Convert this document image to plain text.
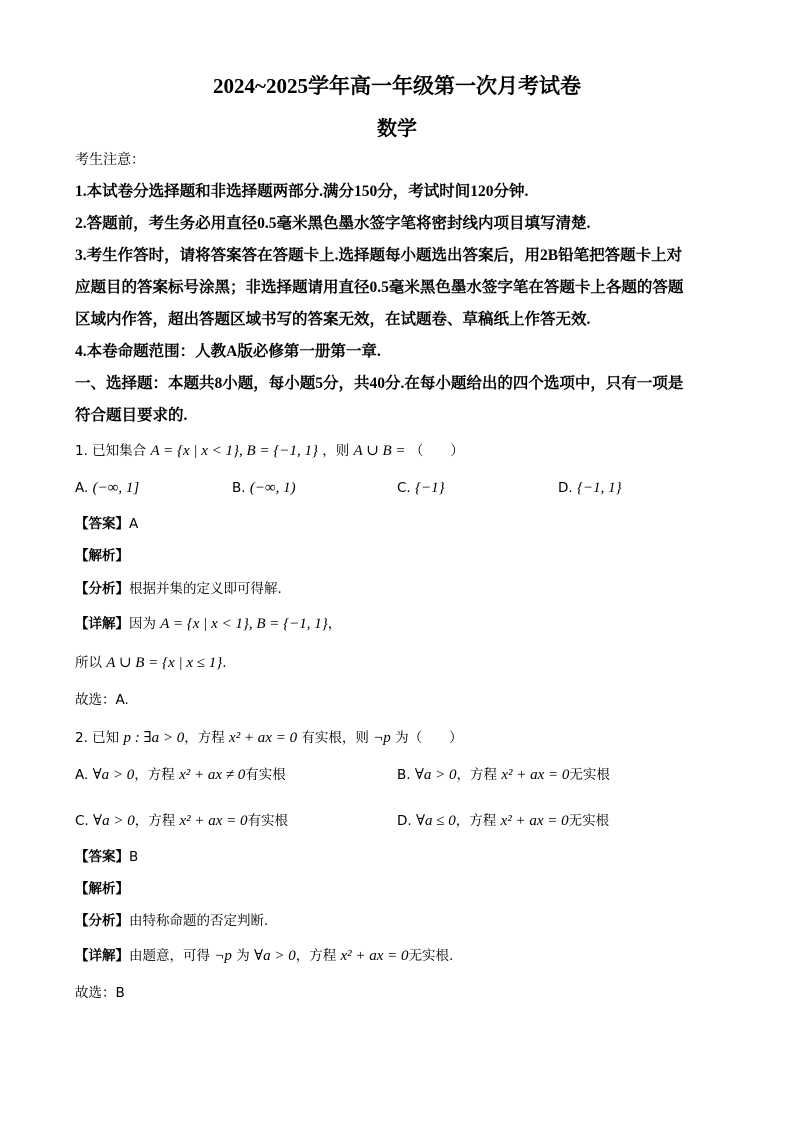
2024~2025学年高一年级第一次月考试卷
数学
考生注意：
1.本试卷分选择题和非选择题两部分.满分150分，考试时间120分钟.
2.答题前，考生务必用直径0.5毫米黑色墨水签字笔将密封线内项目填写清楚.
3.考生作答时，请将答案答在答题卡上.选择题每小题选出答案后，用2B铅笔把答题卡上对
应题目的答案标号涂黑；非选择题请用直径0.5毫米黑色墨水签字笔在答题卡上各题的答题
区域内作答，超出答题区域书写的答案无效，在试题卷、草稿纸上作答无效.
4.本卷命题范围：人教A版必修第一册第一章.
一、选择题：本题共8小题，每小题5分，共40分.在每小题给出的四个选项中，只有一项是
符合题目要求的.
1. 已知集合 A = {x | x < 1}, B = {−1, 1} ，则 A ∪ B = （　　）
A. (−∞, 1]	B. (−∞, 1)	C. {−1}	D. {−1, 1}
【答案】A
【解析】
【分析】根据并集的定义即可得解.
【详解】因为 A = {x | x < 1}, B = {−1, 1}，
所以 A ∪ B = {x | x ≤ 1}.
故选：A.
2. 已知 p : ∃a > 0，方程 x² + ax = 0 有实根，则 ¬p 为（　　）
A. ∀a > 0，方程 x² + ax ≠ 0有实根	B. ∀a > 0，方程 x² + ax = 0无实根
C. ∀a > 0，方程 x² + ax = 0有实根	D. ∀a ≤ 0，方程 x² + ax = 0无实根
【答案】B
【解析】
【分析】由特称命题的否定判断.
【详解】由题意，可得 ¬p 为 ∀a > 0，方程 x² + ax = 0无实根.
故选：B
